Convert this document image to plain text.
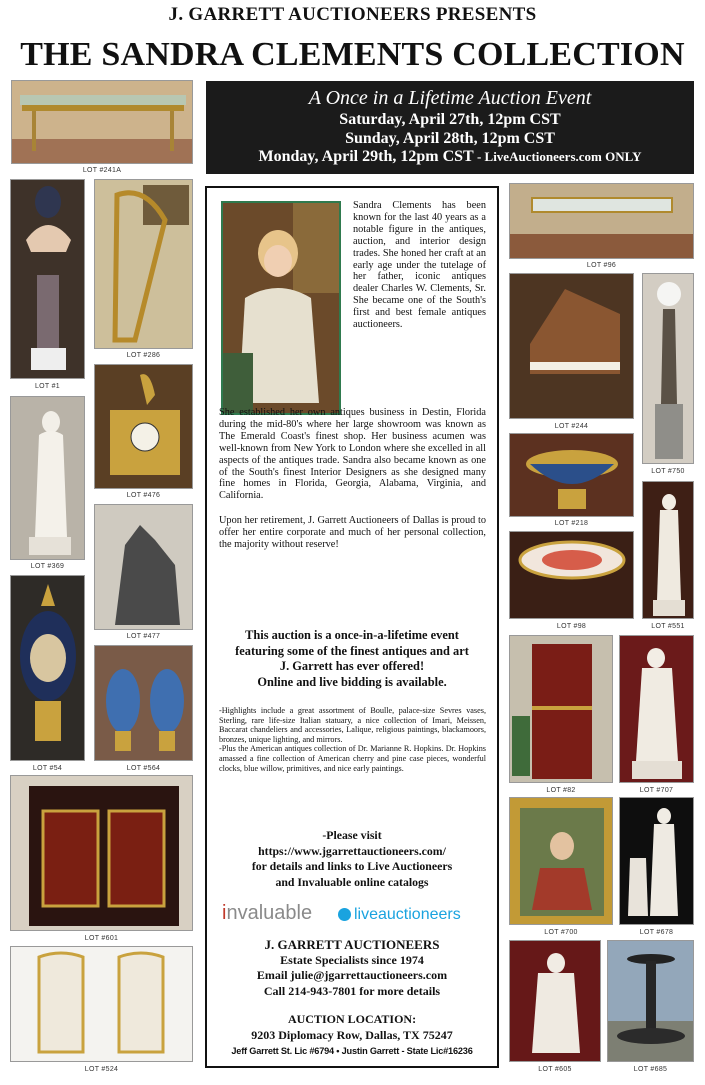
J. GARRETT AUCTIONEERS PRESENTS
THE SANDRA CLEMENTS COLLECTION
A Once in a Lifetime Auction Event
Saturday, April 27th, 12pm CST
Sunday, April 28th, 12pm CST
Monday, April 29th, 12pm CST - LiveAuctioneers.com ONLY
LOT #241A
LOT #1
LOT #286
LOT #369
LOT #476
LOT #477
LOT #54	LOT #564
LOT #601
LOT #524
LOT #96
LOT #244
LOT #750
LOT #218
LOT #98	LOT #551
LOT #82	LOT #707
LOT #700	LOT #678
LOT #605	LOT #685
Sandra Clements has been known for the last 40 years as a notable figure in the antiques, auction, and interior design trades. She honed her craft at an early age under the tutelage of her father, iconic antiques dealer Charles W. Clements, Sr. She became one of the South's first and best female antiques auctioneers.
She established her own antiques business in Destin, Florida during the mid-80's where her large showroom was known as The Emerald Coast's finest shop. Her business acumen was well-known from New York to London where she excelled in all aspects of the antiques trade. Sandra also became known as one of the South's finest Interior Designers as she designed many fine homes in Florida, Georgia, Alabama, Virginia, and California.
Upon her retirement, J. Garrett Auctioneers of Dallas is proud to offer her entire corporate and much of her personal collection, the majority without reserve!
This auction is a once-in-a-lifetime event
featuring some of the finest antiques and art
J. Garrett has ever offered!
Online and live bidding is available.
-Highlights include a great assortment of Boulle, palace-size Sevres vases, Sterling, rare life-size Italian statuary, a nice collection of Imari, Meissen, Baccarat chandeliers and accessories, Lalique, religious paintings, blackamoors, bronzes, unique lighting, and mirrors.
-Plus the American antiques collection of Dr. Marianne R. Hopkins. Dr. Hopkins amassed a fine collection of American cherry and pine case pieces, wonderful clocks, blue willow, primitives, and nice early paintings.
-Please visit
https://www.jgarrettauctioneers.com/
for details and links to Live Auctioneers
and Invaluable online catalogs
invaluable	liveauctioneers
J. GARRETT AUCTIONEERS
Estate Specialists since 1974
Email julie@jgarrettauctioneers.com
Call 214-943-7801 for more details
AUCTION LOCATION:
9203 Diplomacy Row, Dallas, TX 75247
Jeff Garrett St. Lic #6794 • Justin Garrett - State Lic#16236
